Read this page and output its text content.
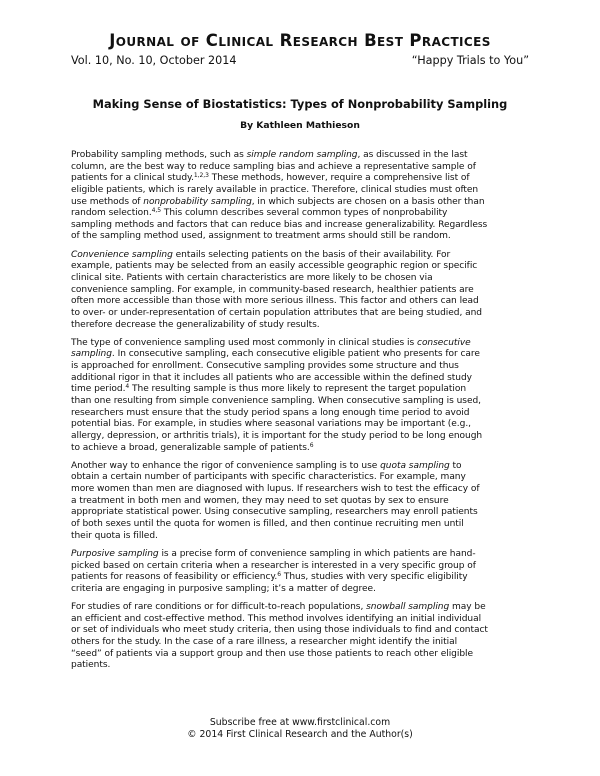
Journal of Clinical Research Best Practices
Vol. 10, No. 10, October 2014	“Happy Trials to You”
Making Sense of Biostatistics: Types of Nonprobability Sampling
By Kathleen Mathieson
Probability sampling methods, such as simple random sampling, as discussed in the last
column, are the best way to reduce sampling bias and achieve a representative sample of
patients for a clinical study.$^{1,2,3}$ These methods, however, require a comprehensive list of
eligible patients, which is rarely available in practice. Therefore, clinical studies must often
use methods of nonprobability sampling, in which subjects are chosen on a basis other than
random selection.$^{4,5}$ This column describes several common types of nonprobability
sampling methods and factors that can reduce bias and increase generalizability. Regardless
of the sampling method used, assignment to treatment arms should still be random.
Convenience sampling entails selecting patients on the basis of their availability. For
example, patients may be selected from an easily accessible geographic region or specific
clinical site. Patients with certain characteristics are more likely to be chosen via
convenience sampling. For example, in community-based research, healthier patients are
often more accessible than those with more serious illness. This factor and others can lead
to over- or under-representation of certain population attributes that are being studied, and
therefore decrease the generalizability of study results.
The type of convenience sampling used most commonly in clinical studies is consecutive
sampling. In consecutive sampling, each consecutive eligible patient who presents for care
is approached for enrollment. Consecutive sampling provides some structure and thus
additional rigor in that it includes all patients who are accessible within the defined study
time period.$^4$ The resulting sample is thus more likely to represent the target population
than one resulting from simple convenience sampling. When consecutive sampling is used,
researchers must ensure that the study period spans a long enough time period to avoid
potential bias. For example, in studies where seasonal variations may be important (e.g.,
allergy, depression, or arthritis trials), it is important for the study period to be long enough
to achieve a broad, generalizable sample of patients.$^6$
Another way to enhance the rigor of convenience sampling is to use quota sampling to
obtain a certain number of participants with specific characteristics. For example, many
more women than men are diagnosed with lupus. If researchers wish to test the efficacy of
a treatment in both men and women, they may need to set quotas by sex to ensure
appropriate statistical power. Using consecutive sampling, researchers may enroll patients
of both sexes until the quota for women is filled, and then continue recruiting men until
their quota is filled.
Purposive sampling is a precise form of convenience sampling in which patients are hand-
picked based on certain criteria when a researcher is interested in a very specific group of
patients for reasons of feasibility or efficiency.$^6$ Thus, studies with very specific eligibility
criteria are engaging in purposive sampling; it’s a matter of degree.
For studies of rare conditions or for difficult-to-reach populations, snowball sampling may be
an efficient and cost-effective method. This method involves identifying an initial individual
or set of individuals who meet study criteria, then using those individuals to find and contact
others for the study. In the case of a rare illness, a researcher might identify the initial
“seed” of patients via a support group and then use those patients to reach other eligible
patients.
Subscribe free at www.firstclinical.com
© 2014 First Clinical Research and the Author(s)
